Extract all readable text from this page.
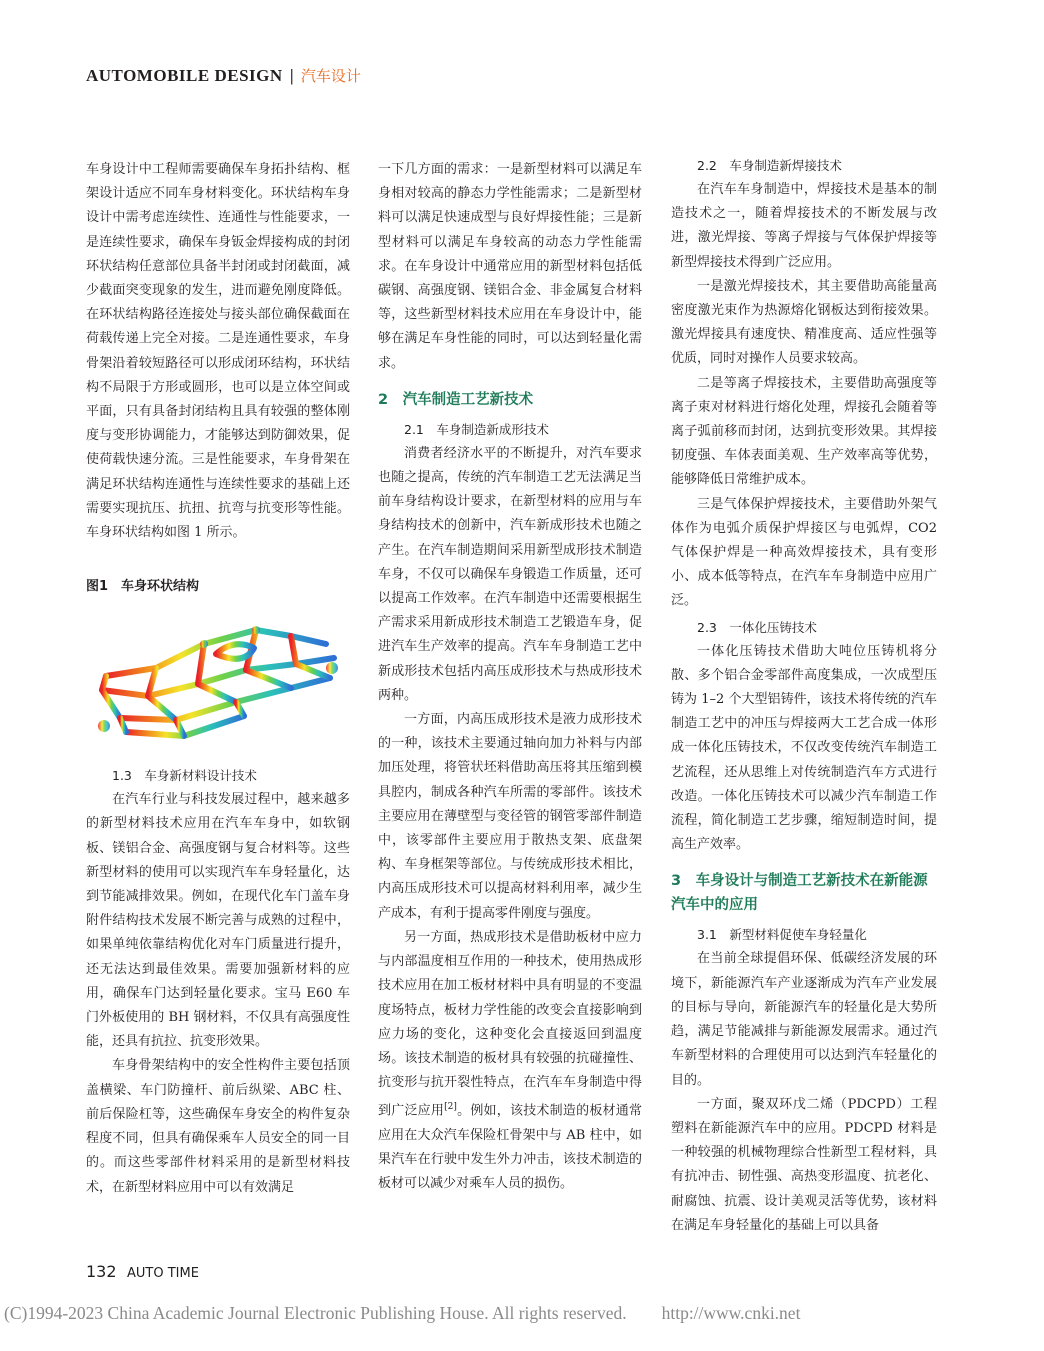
AUTOMOBILE DESIGN | 汽车设计

车身设计中工程师需要确保车身拓扑结构、框架设计适应不同车身材料变化。环状结构车身设计中需考虑连续性、连通性与性能要求，一是连续性要求，确保车身钣金焊接构成的封闭环状结构任意部位具备半封闭或封闭截面，减少截面突变现象的发生，进而避免刚度降低。在环状结构路径连接处与接头部位确保截面在荷载传递上完全对接。二是连通性要求，车身骨架沿着较短路径可以形成闭环结构，环状结构不局限于方形或圆形，也可以是立体空间或平面，只有具备封闭结构且具有较强的整体刚度与变形协调能力，才能够达到防御效果，促使荷载快速分流。三是性能要求，车身骨架在满足环状结构连通性与连续性要求的基础上还需要实现抗压、抗扭、抗弯与抗变形等性能。车身环状结构如图 1 所示。

图1　车身环状结构
1.3　车身新材料设计技术

在汽车行业与科技发展过程中，越来越多的新型材料技术应用在汽车车身中，如软钢板、镁铝合金、高强度钢与复合材料等。这些新型材料的使用可以实现汽车车身轻量化，达到节能减排效果。例如，在现代化车门盖车身附件结构技术发展不断完善与成熟的过程中，如果单纯依靠结构优化对车门质量进行提升，还无法达到最佳效果。需要加强新材料的应用，确保车门达到轻量化要求。宝马 E60 车门外板使用的 BH 钢材料，不仅具有高强度性能，还具有抗拉、抗变形效果。

车身骨架结构中的安全性构件主要包括顶盖横梁、车门防撞杆、前后纵梁、ABC 柱、前后保险杠等，这些确保车身安全的构件复杂程度不同，但具有确保乘车人员安全的同一目的。而这些零部件材料采用的是新型材料技术，在新型材料应用中可以有效满足

一下几方面的需求：一是新型材料可以满足车身相对较高的静态力学性能需求；二是新型材料可以满足快速成型与良好焊接性能；三是新型材料可以满足车身较高的动态力学性能需求。在车身设计中通常应用的新型材料包括低碳钢、高强度钢、镁铝合金、非金属复合材料等，这些新型材料技术应用在车身设计中，能够在满足车身性能的同时，可以达到轻量化需求。

2　汽车制造工艺新技术
2.1　车身制造新成形技术

消费者经济水平的不断提升，对汽车要求也随之提高，传统的汽车制造工艺无法满足当前车身结构设计要求，在新型材料的应用与车身结构技术的创新中，汽车新成形技术也随之产生。在汽车制造期间采用新型成形技术制造车身，不仅可以确保车身锻造工作质量，还可以提高工作效率。在汽车制造中还需要根据生产需求采用新成形技术制造工艺锻造车身，促进汽车生产效率的提高。汽车车身制造工艺中新成形技术包括内高压成形技术与热成形技术两种。

一方面，内高压成形技术是液力成形技术的一种，该技术主要通过轴向加力补料与内部加压处理，将管状坯料借助高压将其压缩到模具腔内，制成各种汽车所需的零部件。该技术主要应用在薄壁型与变径管的钢管零部件制造中，该零部件主要应用于散热支架、底盘架构、车身框架等部位。与传统成形技术相比，内高压成形技术可以提高材料利用率，减少生产成本，有利于提高零件刚度与强度。

另一方面，热成形技术是借助板材中应力与内部温度相互作用的一种技术，使用热成形技术应用在加工板材材料中具有明显的不变温度场特点，板材力学性能的改变会直接影响到应力场的变化，这种变化会直接返回到温度场。该技术制造的板材具有较强的抗碰撞性、抗变形与抗开裂性特点，在汽车车身制造中得到广泛应用[2]。例如，该技术制造的板材通常应用在大众汽车保险杠骨架中与 AB 柱中，如果汽车在行驶中发生外力冲击，该技术制造的板材可以减少对乘车人员的损伤。

2.2　车身制造新焊接技术

在汽车车身制造中，焊接技术是基本的制造技术之一，随着焊接技术的不断发展与改进，激光焊接、等离子焊接与气体保护焊接等新型焊接技术得到广泛应用。

一是激光焊接技术，其主要借助高能量高密度激光束作为热源熔化钢板达到衔接效果。激光焊接具有速度快、精准度高、适应性强等优质，同时对操作人员要求较高。

二是等离子焊接技术，主要借助高强度等离子束对材料进行熔化处理，焊接孔会随着等离子弧前移而封闭，达到抗变形效果。其焊接韧度强、车体表面美观、生产效率高等优势，能够降低日常维护成本。

三是气体保护焊接技术，主要借助外架气体作为电弧介质保护焊接区与电弧焊，CO2 气体保护焊是一种高效焊接技术，具有变形小、成本低等特点，在汽车车身制造中应用广泛。

2.3　一体化压铸技术

一体化压铸技术借助大吨位压铸机将分散、多个铝合金零部件高度集成，一次成型压铸为 1–2 个大型铝铸件，该技术将传统的汽车制造工艺中的冲压与焊接两大工艺合成一体形成一体化压铸技术，不仅改变传统汽车制造工艺流程，还从思维上对传统制造汽车方式进行改造。一体化压铸技术可以减少汽车制造工作流程，简化制造工艺步骤，缩短制造时间，提高生产效率。

3　车身设计与制造工艺新技术在新能源汽车中的应用
3.1　新型材料促使车身轻量化

在当前全球提倡环保、低碳经济发展的环境下，新能源汽车产业逐渐成为汽车产业发展的目标与导向，新能源汽车的轻量化是大势所趋，满足节能减排与新能源发展需求。通过汽车新型材料的合理使用可以达到汽车轻量化的目的。

一方面，聚双环戊二烯（PDCPD）工程塑料在新能源汽车中的应用。PDCPD 材料是一种较强的机械物理综合性新型工程材料，具有抗冲击、韧性强、高热变形温度、抗老化、耐腐蚀、抗震、设计美观灵活等优势，该材料在满足车身轻量化的基础上可以具备

132 AUTO TIME
(C)1994-2023 China Academic Journal Electronic Publishing House. All rights reserved.　　http://www.cnki.net
